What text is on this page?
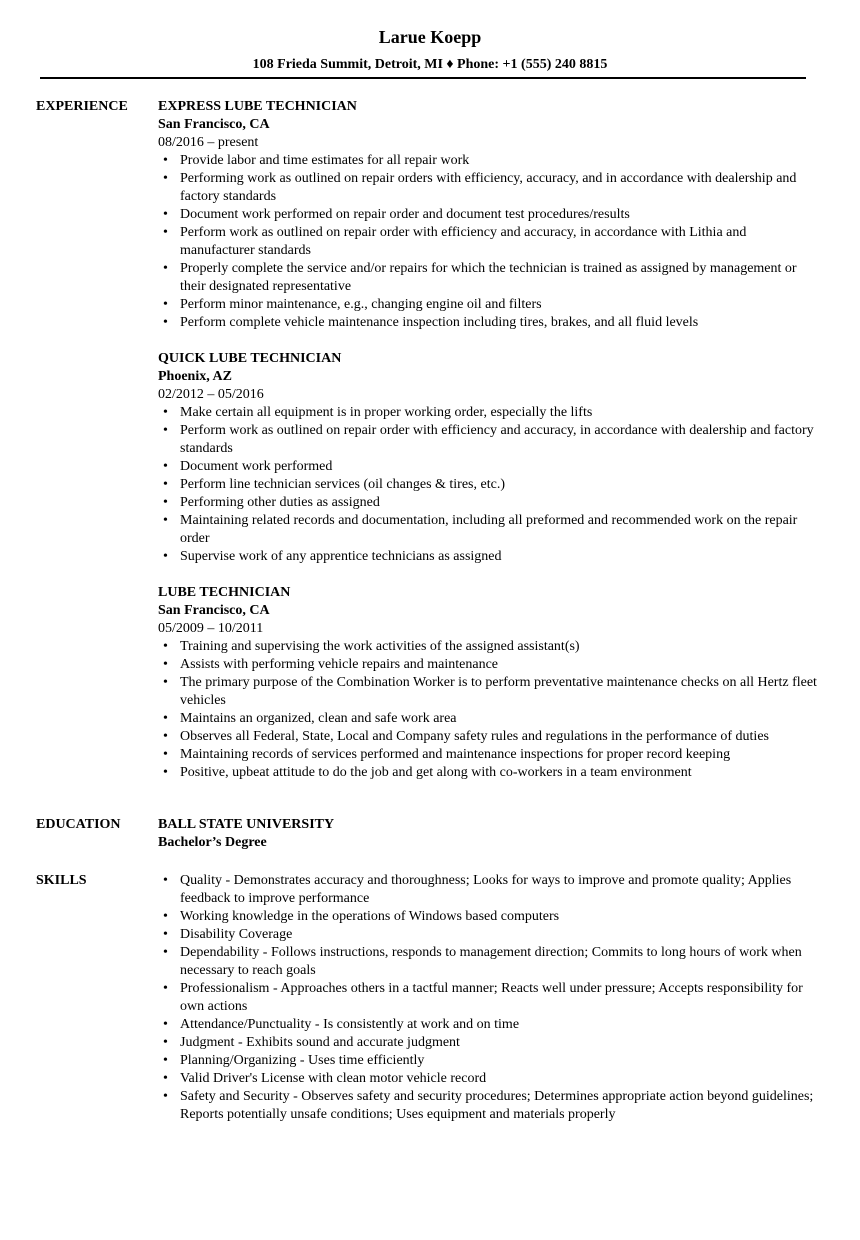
Larue Koepp
108 Frieda Summit, Detroit, MI ♦ Phone: +1 (555) 240 8815
EXPERIENCE EXPRESS LUBE TECHNICIAN
San Francisco, CA
08/2016 – present
• Provide labor and time estimates for all repair work
• Performing work as outlined on repair orders with efficiency, accuracy, and in accordance with dealership and factory standards
• Document work performed on repair order and document test procedures/results
• Perform work as outlined on repair order with efficiency and accuracy, in accordance with Lithia and manufacturer standards
• Properly complete the service and/or repairs for which the technician is trained as assigned by management or their designated representative
• Perform minor maintenance, e.g., changing engine oil and filters
• Perform complete vehicle maintenance inspection including tires, brakes, and all fluid levels
QUICK LUBE TECHNICIAN
Phoenix, AZ
02/2012 – 05/2016
• Make certain all equipment is in proper working order, especially the lifts
• Perform work as outlined on repair order with efficiency and accuracy, in accordance with dealership and factory standards
• Document work performed
• Perform line technician services (oil changes & tires, etc.)
• Performing other duties as assigned
• Maintaining related records and documentation, including all preformed and recommended work on the repair order
• Supervise work of any apprentice technicians as assigned
LUBE TECHNICIAN
San Francisco, CA
05/2009 – 10/2011
• Training and supervising the work activities of the assigned assistant(s)
• Assists with performing vehicle repairs and maintenance
• The primary purpose of the Combination Worker is to perform preventative maintenance checks on all Hertz fleet vehicles
• Maintains an organized, clean and safe work area
• Observes all Federal, State, Local and Company safety rules and regulations in the performance of duties
• Maintaining records of services performed and maintenance inspections for proper record keeping
• Positive, upbeat attitude to do the job and get along with co-workers in a team environment
EDUCATION	BALL STATE UNIVERSITY
Bachelor’s Degree
SKILLS	• Quality - Demonstrates accuracy and thoroughness; Looks for ways to improve and promote quality; Applies feedback to improve performance
• Working knowledge in the operations of Windows based computers
• Disability Coverage
• Dependability - Follows instructions, responds to management direction; Commits to long hours of work when necessary to reach goals
• Professionalism - Approaches others in a tactful manner; Reacts well under pressure; Accepts responsibility for own actions
• Attendance/Punctuality - Is consistently at work and on time
• Judgment - Exhibits sound and accurate judgment
• Planning/Organizing - Uses time efficiently
• Valid Driver's License with clean motor vehicle record
• Safety and Security - Observes safety and security procedures; Determines appropriate action beyond guidelines; Reports potentially unsafe conditions; Uses equipment and materials properly
